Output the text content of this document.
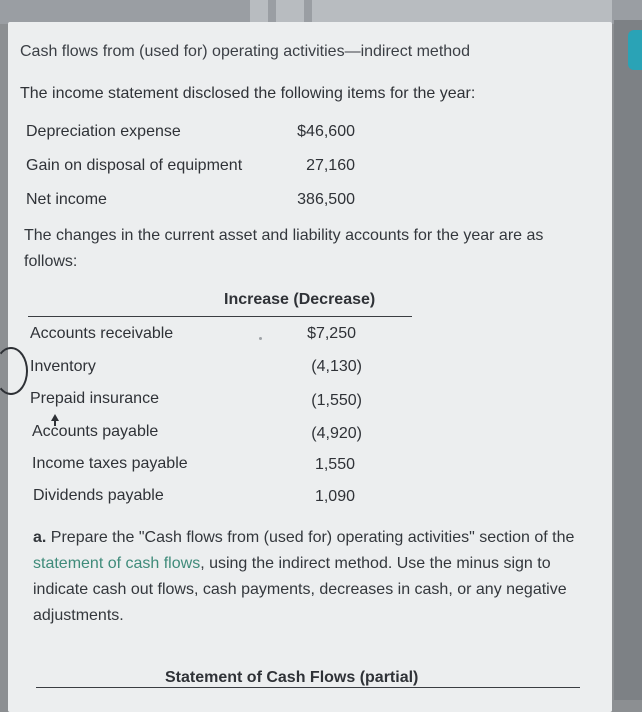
Cash flows from (used for) operating activities—indirect method
The income statement disclosed the following items for the year:
Depreciation expense	$46,600
Gain on disposal of equipment	27,160
Net income	386,500
The changes in the current asset and liability accounts for the year are as follows:
Increase (Decrease)
Accounts receivable	$7,250
Inventory	(4,130)
Prepaid insurance	(1,550)
Accounts payable	(4,920)
Income taxes payable	1,550
Dividends payable	1,090
a. Prepare the "Cash flows from (used for) operating activities" section of the statement of cash flows, using the indirect method. Use the minus sign to indicate cash out flows, cash payments, decreases in cash, or any negative adjustments.
Statement of Cash Flows (partial)
